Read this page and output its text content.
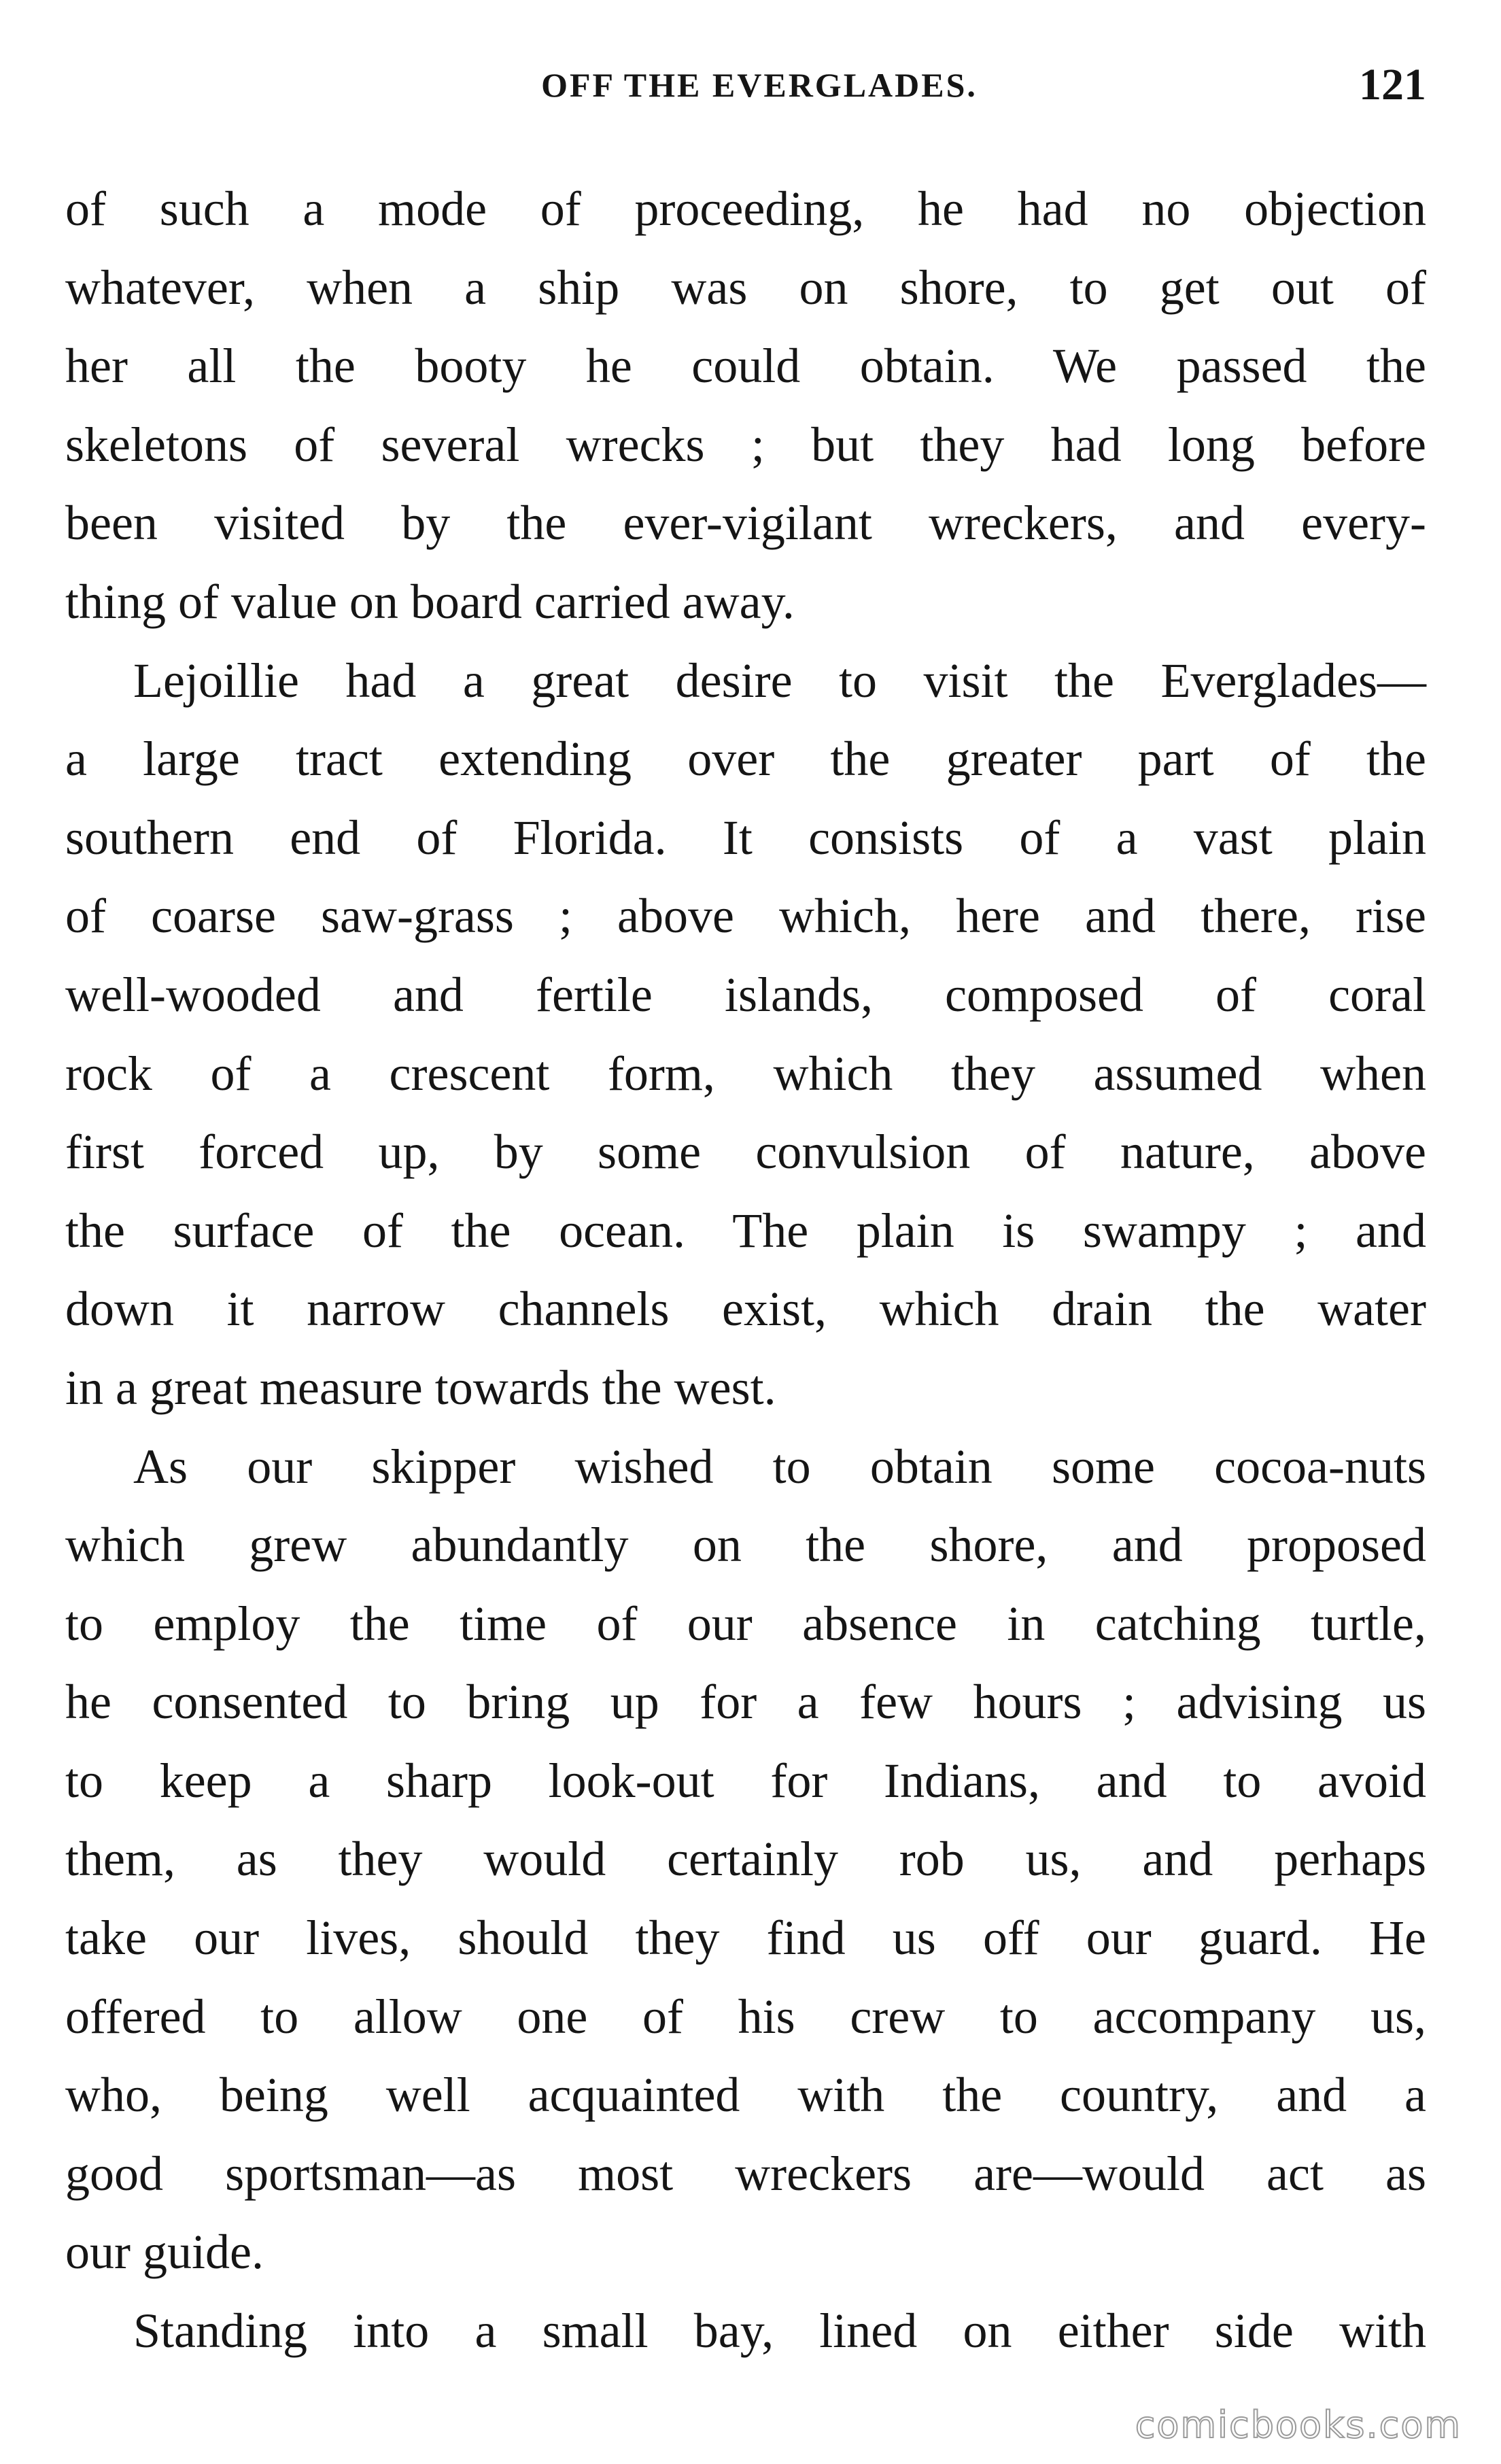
OFF THE EVERGLADES.	121

of such a mode of proceeding, he had no objection
whatever, when a ship was on shore, to get out of
her all the booty he could obtain. We passed the
skeletons of several wrecks ; but they had long before
been visited by the ever-vigilant wreckers, and every-
thing of value on board carried away.

Lejoillie had a great desire to visit the Everglades—
a large tract extending over the greater part of the
southern end of Florida. It consists of a vast plain
of coarse saw-grass ; above which, here and there, rise
well-wooded and fertile islands, composed of coral
rock of a crescent form, which they assumed when
first forced up, by some convulsion of nature, above
the surface of the ocean. The plain is swampy ; and
down it narrow channels exist, which drain the water
in a great measure towards the west.

As our skipper wished to obtain some cocoa-nuts
which grew abundantly on the shore, and proposed
to employ the time of our absence in catching turtle,
he consented to bring up for a few hours ; advising us
to keep a sharp look-out for Indians, and to avoid
them, as they would certainly rob us, and perhaps
take our lives, should they find us off our guard. He
offered to allow one of his crew to accompany us,
who, being well acquainted with the country, and a
good sportsman—as most wreckers are—would act as
our guide.

Standing into a small bay, lined on either side with

comicbooks.com
